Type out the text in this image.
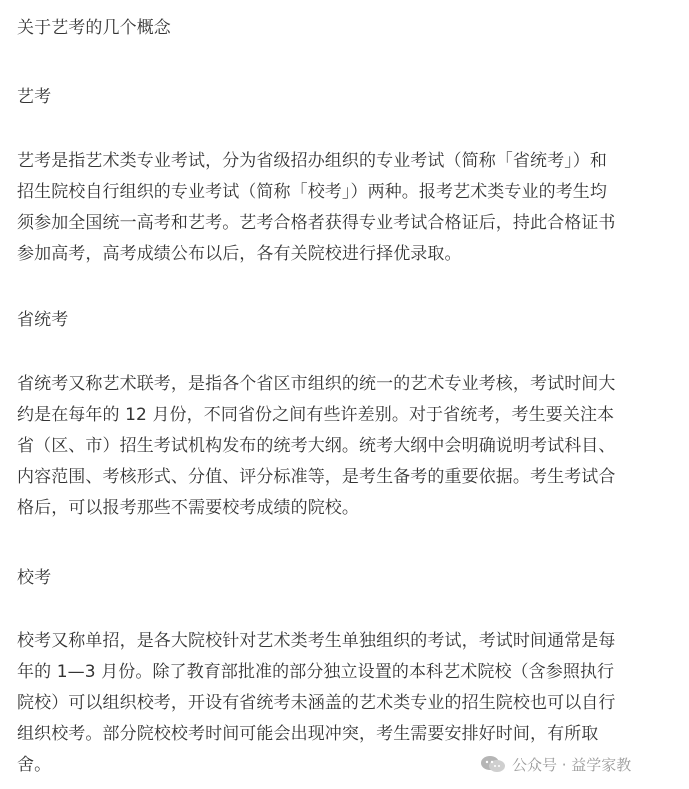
关于艺考的几个概念
艺考
艺考是指艺术类专业考试，分为省级招办组织的专业考试（简称「省统考」）和
招生院校自行组织的专业考试（简称「校考」）两种。报考艺术类专业的考生均
须参加全国统一高考和艺考。艺考合格者获得专业考试合格证后，持此合格证书
参加高考，高考成绩公布以后，各有关院校进行择优录取。
省统考
省统考又称艺术联考，是指各个省区市组织的统一的艺术专业考核，考试时间大
约是在每年的 12 月份，不同省份之间有些许差别。对于省统考，考生要关注本
省（区、市）招生考试机构发布的统考大纲。统考大纲中会明确说明考试科目、
内容范围、考核形式、分值、评分标准等，是考生备考的重要依据。考生考试合
格后，可以报考那些不需要校考成绩的院校。
校考
校考又称单招，是各大院校针对艺术类考生单独组织的考试，考试时间通常是每
年的 1—3 月份。除了教育部批准的部分独立设置的本科艺术院校（含参照执行
院校）可以组织校考，开设有省统考未涵盖的艺术类专业的招生院校也可以自行
组织校考。部分院校校考时间可能会出现冲突，考生需要安排好时间，有所取
舍。	公众号 · 益学家教
